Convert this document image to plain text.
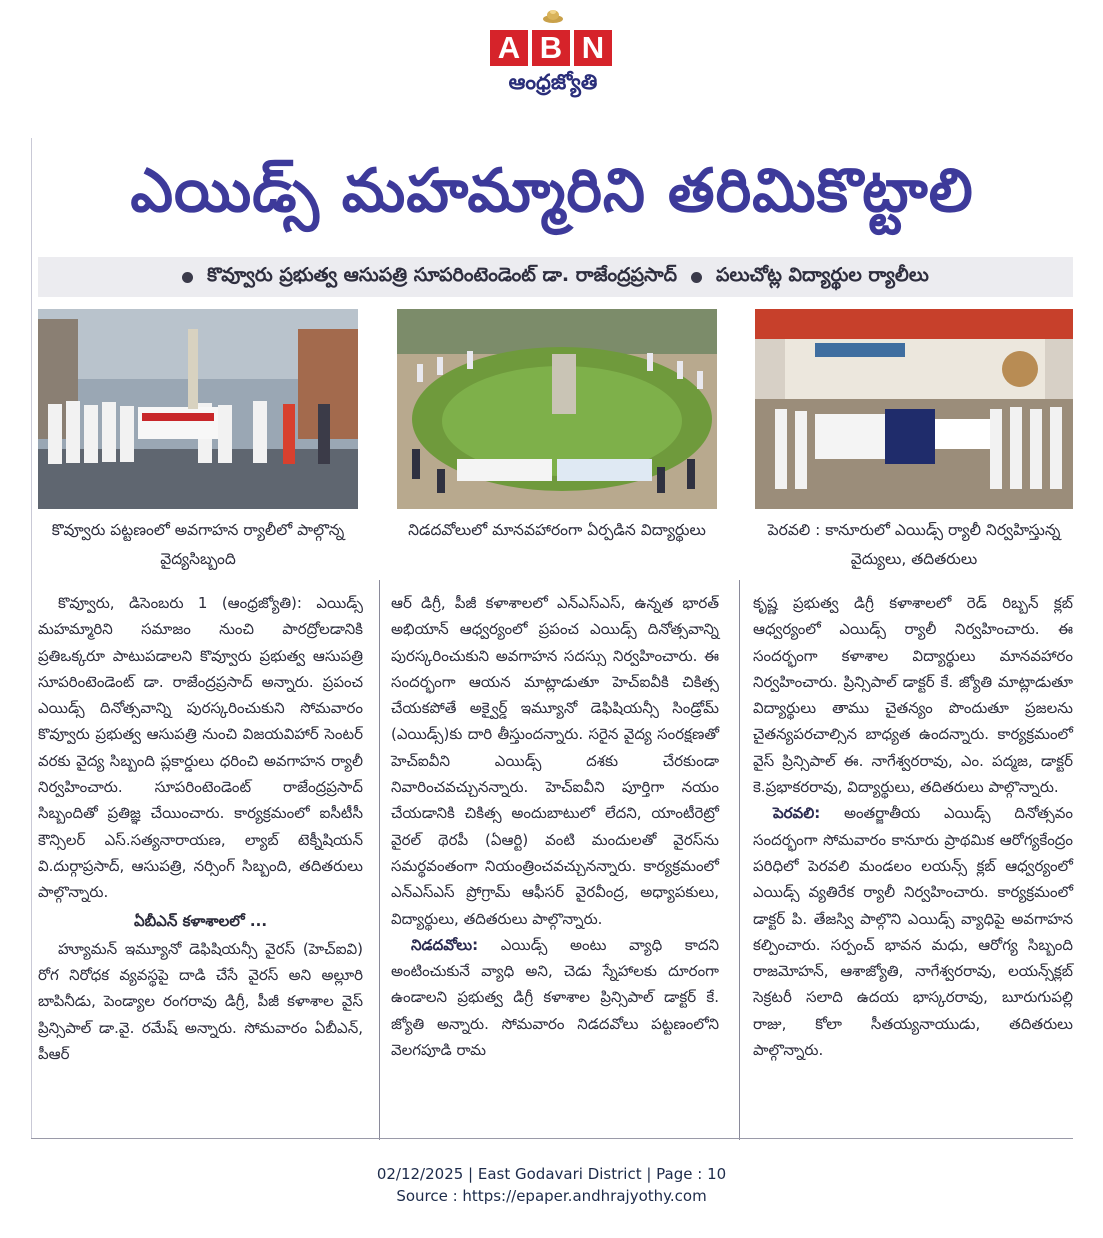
A B N
ఆంధ్రజ్యోతి
ఎయిడ్స్ మహమ్మారిని తరిమికొట్టాలి
కొవ్వూరు ప్రభుత్వ ఆసుపత్రి సూపరింటెండెంట్ డా. రాజేంద్రప్రసాద్ పలుచోట్ల విద్యార్థుల ర్యాలీలు
కొవ్వూరు పట్టణంలో అవగాహన ర్యాలీలో పాల్గొన్న వైద్యసిబ్బంది
నిడదవోలులో మానవహారంగా ఏర్పడిన విద్యార్థులు	పెరవలి : కానూరులో ఎయిడ్స్ ర్యాలీ నిర్వహిస్తున్న వైద్యులు, తదితరులు

కొవ్వూరు, డిసెంబరు 1 (ఆంధ్రజ్యోతి): ఎయిడ్స్ మహమ్మారిని సమాజం నుంచి పారద్రోలడానికి ప్రతిఒక్కరూ పాటుపడాలని కొవ్వూరు ప్రభుత్వ ఆసుపత్రి సూపరింటెండెంట్ డా. రాజేంద్రప్రసాద్ అన్నారు. ప్రపంచ ఎయిడ్స్ దినోత్సవాన్ని పురస్కరించుకుని సోమవారం కొవ్వూరు ప్రభుత్వ ఆసుపత్రి నుంచి విజయవిహార్ సెంటర్ వరకు వైద్య సిబ్బంది ప్లకార్డులు ధరించి అవగాహన ర్యాలీ నిర్వహించారు. సూపరింటెండెంట్ రాజేంద్రప్రసాద్ సిబ్బందితో ప్రతిజ్ఞ చేయించారు. కార్యక్రమంలో ఐసీటీసీ కౌన్సిలర్ ఎస్.సత్యనారాయణ, ల్యాబ్ టెక్నీషియన్ వి.దుర్గాప్రసాద్, ఆసుపత్రి, నర్సింగ్ సిబ్బంది, తదితరులు పాల్గొన్నారు.

ఏబీఎన్ కళాశాలలో ...

హ్యూమన్ ఇమ్యూనో డెఫిషియన్సీ వైరస్ (హెచ్ఐవి) రోగ నిరోధక వ్యవస్థపై దాడి చేసే వైరస్ అని అల్లూరి బాపినీడు, పెండ్యాల రంగరావు డిగ్రీ, పీజీ కళాశాల వైస్ ప్రిన్సిపాల్ డా.వై. రమేష్ అన్నారు. సోమవారం ఏబీఎన్, పీఆర్

ఆర్ డిగ్రీ, పీజీ కళాశాలలో ఎన్ఎస్ఎస్, ఉన్నత భారత్ అభియాన్ ఆధ్వర్యంలో ప్రపంచ ఎయిడ్స్ దినోత్సవాన్ని పురస్కరించుకుని అవగాహన సదస్సు నిర్వహించారు. ఈ సందర్భంగా ఆయన మాట్లాడుతూ హెచ్ఐవీకి చికిత్స చేయకపోతే అక్వైర్డ్ ఇమ్యూనో డెఫిషియన్సీ సిండ్రోమ్ (ఎయిడ్స్)కు దారి తీస్తుందన్నారు. సరైన వైద్య సంరక్షణతో హెచ్ఐవీని ఎయిడ్స్ దశకు చేరకుండా నివారించవచ్చునన్నారు. హెచ్ఐవీని పూర్తిగా నయం చేయడానికి చికిత్స అందుబాటులో లేదని, యాంటీరెట్రో వైరల్ థెరపీ (ఏఆర్టి) వంటి మందులతో వైరస్‌ను సమర్థవంతంగా నియంత్రించవచ్చునన్నారు. కార్యక్రమంలో ఎన్ఎస్ఎస్ ప్రోగ్రామ్ ఆఫీసర్ వైరవీంద్ర, అధ్యాపకులు, విద్యార్థులు, తదితరులు పాల్గొన్నారు.

నిడదవోలు: ఎయిడ్స్ అంటు వ్యాధి కాదని అంటించుకునే వ్యాధి అని, చెడు స్నేహాలకు దూరంగా ఉండాలని ప్రభుత్వ డిగ్రీ కళాశాల ప్రిన్సిపాల్ డాక్టర్ కే. జ్యోతి అన్నారు. సోమవారం నిడదవోలు పట్టణంలోని వెలగపూడి రామ

కృష్ణ ప్రభుత్వ డిగ్రీ కళాశాలలో రెడ్ రిబ్బన్ క్లబ్ ఆధ్వర్యంలో ఎయిడ్స్ ర్యాలీ నిర్వహించారు. ఈ సందర్భంగా కళాశాల విద్యార్థులు మానవహారం నిర్వహించారు. ప్రిన్సిపాల్ డాక్టర్ కే. జ్యోతి మాట్లాడుతూ విద్యార్థులు తాము చైతన్యం పొందుతూ ప్రజలను చైతన్యపరచాల్సిన బాధ్యత ఉందన్నారు. కార్యక్రమంలో వైస్ ప్రిన్సిపాల్ ఈ. నాగేశ్వరరావు, ఎం. పద్మజ, డాక్టర్ కె.ప్రభాకరరావు, విద్యార్థులు, తదితరులు పాల్గొన్నారు.

పెరవలి: అంతర్జాతీయ ఎయిడ్స్ దినోత్సవం సందర్భంగా సోమవారం కానూరు ప్రాథమిక ఆరోగ్యకేంద్రం పరిధిలో పెరవలి మండలం లయన్స్ క్లబ్ ఆధ్వర్యంలో ఎయిడ్స్ వ్యతిరేక ర్యాలీ నిర్వహించారు. కార్యక్రమంలో డాక్టర్ పి. తేజస్వి పాల్గొని ఎయిడ్స్ వ్యాధిపై అవగాహన కల్పించారు. సర్పంచ్ భావన మధు, ఆరోగ్య సిబ్బంది రాజమోహన్, ఆశాజ్యోతి, నాగేశ్వరరావు, లయన్స్‌క్లబ్ సెక్రటరీ సలాది ఉదయ భాస్కరరావు, బూరుగుపల్లి రాజు, కోలా సీతయ్యనాయుడు, తదితరులు పాల్గొన్నారు.

02/12/2025 | East Godavari District | Page : 10
Source : https://epaper.andhrajyothy.com
